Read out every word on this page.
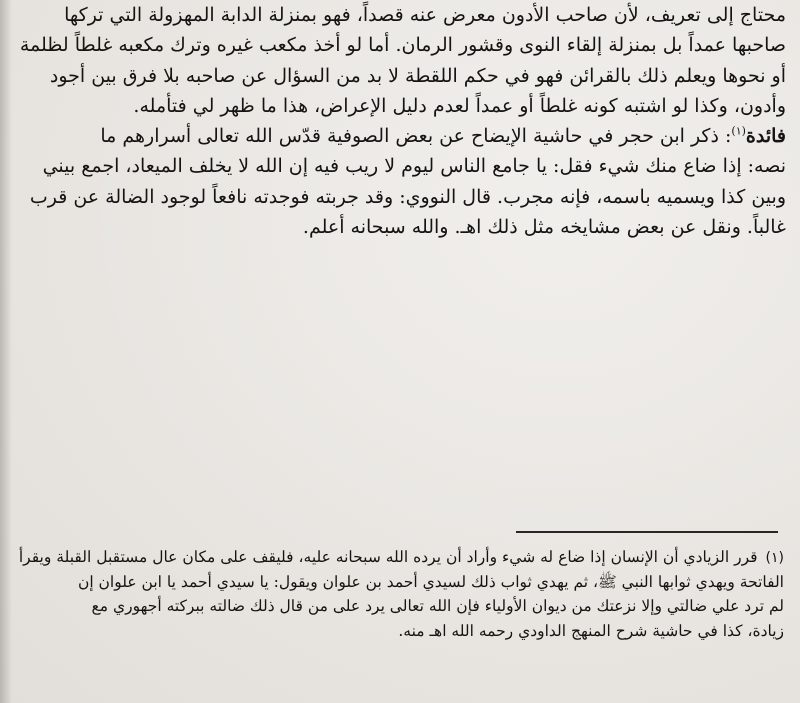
محتاج إلى تعريف، لأن صاحب الأدون معرض عنه قصداً، فهو بمنزلة الدابة المهزولة التي تركها
صاحبها عمداً بل بمنزلة إلقاء النوى وقشور الرمان. أما لو أخذ مكعب غيره وترك مكعبه غلطاً لظلمة
أو نحوها ويعلم ذلك بالقرائن فهو في حكم اللقطة لا بد من السؤال عن صاحبه بلا فرق بين أجود
وأدون، وكذا لو اشتبه كونه غلطاً أو عمداً لعدم دليل الإعراض، هذا ما ظهر لي فتأمله.
فائدة$^{(١)}$: ذكر ابن حجر في حاشية الإيضاح عن بعض الصوفية قدّس الله تعالى أسرارهم ما
نصه: إذا ضاع منك شيء فقل: يا جامع الناس ليوم لا ريب فيه إن الله لا يخلف الميعاد، اجمع بيني
وبين كذا ويسميه باسمه، فإنه مجرب. قال النووي: وقد جربته فوجدته نافعاً لوجود الضالة عن قرب
غالباً. ونقل عن بعض مشايخه مثل ذلك اهـ. والله سبحانه أعلم.
(١)قرر الزيادي أن الإنسان إذا ضاع له شيء وأراد أن يرده الله سبحانه عليه، فليقف على مكان عال مستقبل القبلة ويقرأ
الفاتحة ويهدي ثوابها النبي ﷺ، ثم يهدي ثواب ذلك لسيدي أحمد بن علوان ويقول: يا سيدي أحمد يا ابن علوان إن
لم ترد علي ضالتي وإلا نزعتك من ديوان الأولياء فإن الله تعالى يرد على من قال ذلك ضالته ببركته أجهوري مع
زيادة، كذا في حاشية شرح المنهج الداودي رحمه الله اهـ منه.
